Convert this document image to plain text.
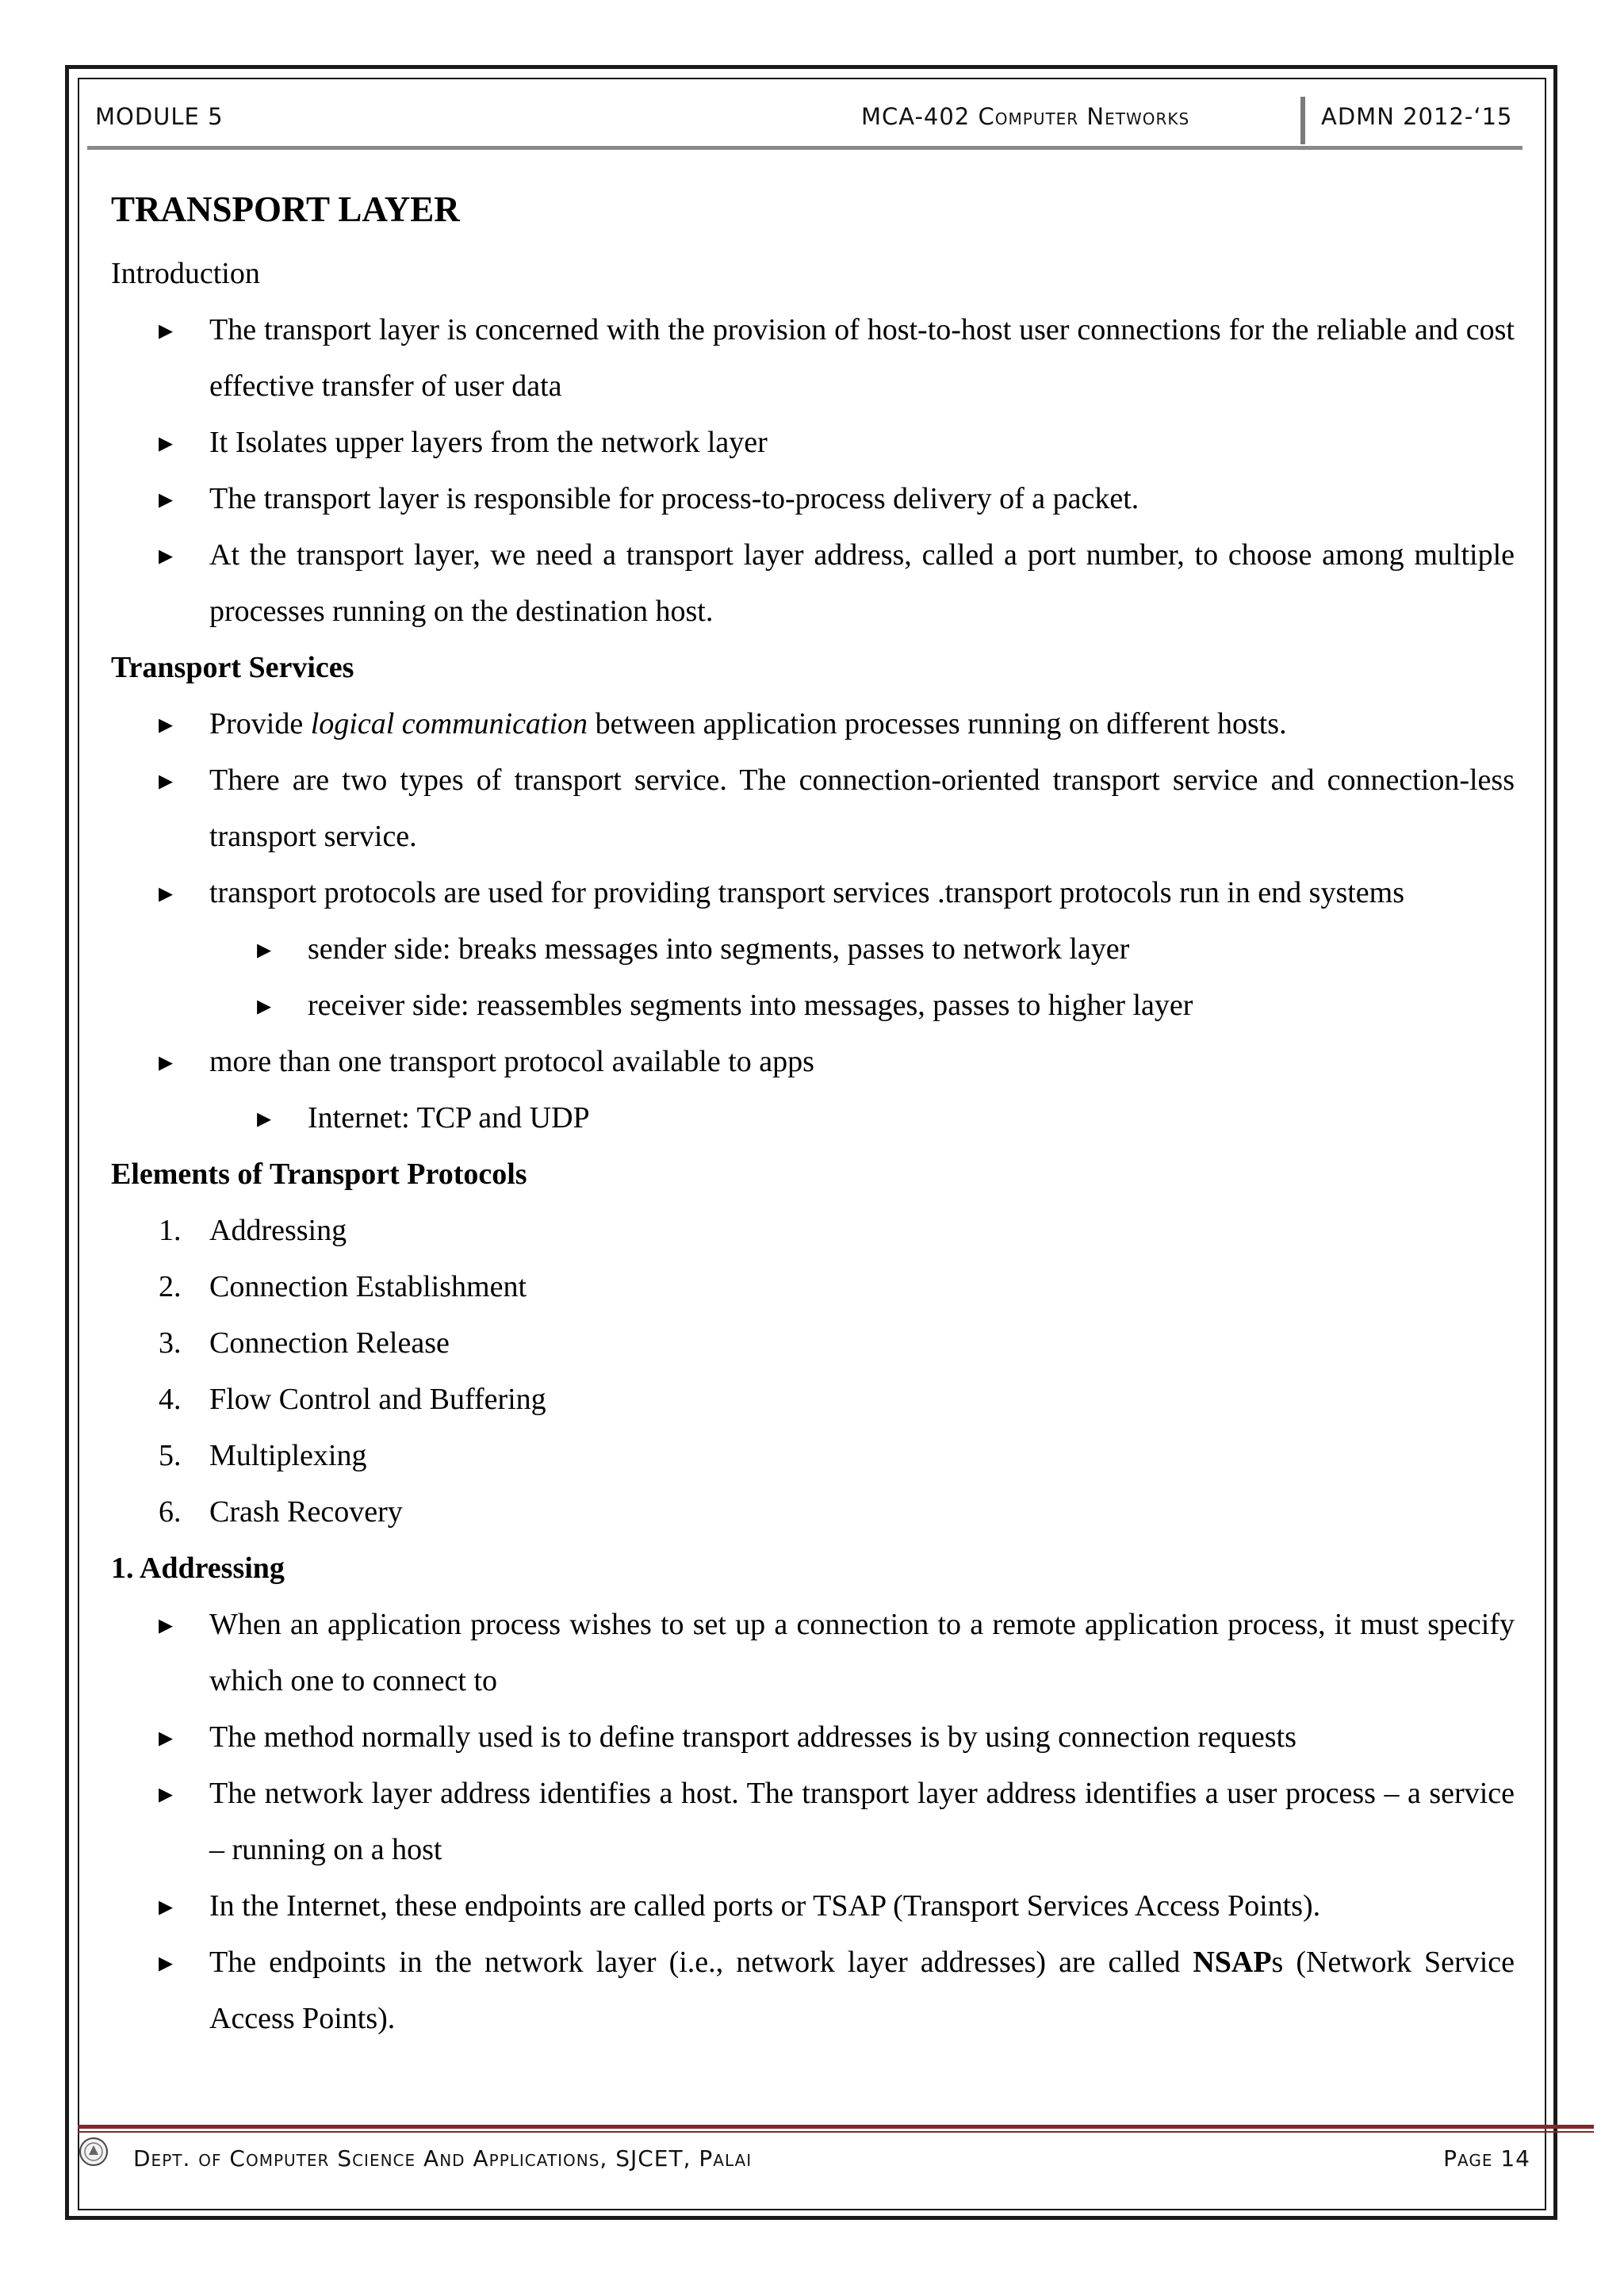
MODULE 5	MCA-402 Computer Networks	ADMN 2012-‘15
TRANSPORT LAYER

Introduction

▸ The transport layer is concerned with the provision of host-to-host user connections for the reliable and cost effective transfer of user data
▸ It Isolates upper layers from the network layer
▸ The transport layer is responsible for process-to-process delivery of a packet.
▸ At the transport layer, we need a transport layer address, called a port number, to choose among multiple processes running on the destination host.

Transport Services

▸ Provide logical communication between application processes running on different hosts.
▸ There are two types of transport service. The connection-oriented transport service and connection-less transport service.
▸ transport protocols are used for providing transport services .transport protocols run in end systems
▸ sender side: breaks messages into segments, passes to network layer
▸ receiver side: reassembles segments into messages, passes to higher layer
▸ more than one transport protocol available to apps
▸ Internet: TCP and UDP

Elements of Transport Protocols

1. Addressing
2. Connection Establishment
3. Connection Release
4. Flow Control and Buffering
5. Multiplexing
6. Crash Recovery

1. Addressing

▸ When an application process wishes to set up a connection to a remote application process, it must specify which one to connect to
▸ The method normally used is to define transport addresses is by using connection requests
▸ The network layer address identifies a host. The transport layer address identifies a user process – a service – running on a host
▸ In the Internet, these endpoints are called ports or TSAP (Transport Services Access Points).
▸ The endpoints in the network layer (i.e., network layer addresses) are called NSAPs (Network Service Access Points).
Dept. of Computer Science And Applications, SJCET, Palai	Page 14
